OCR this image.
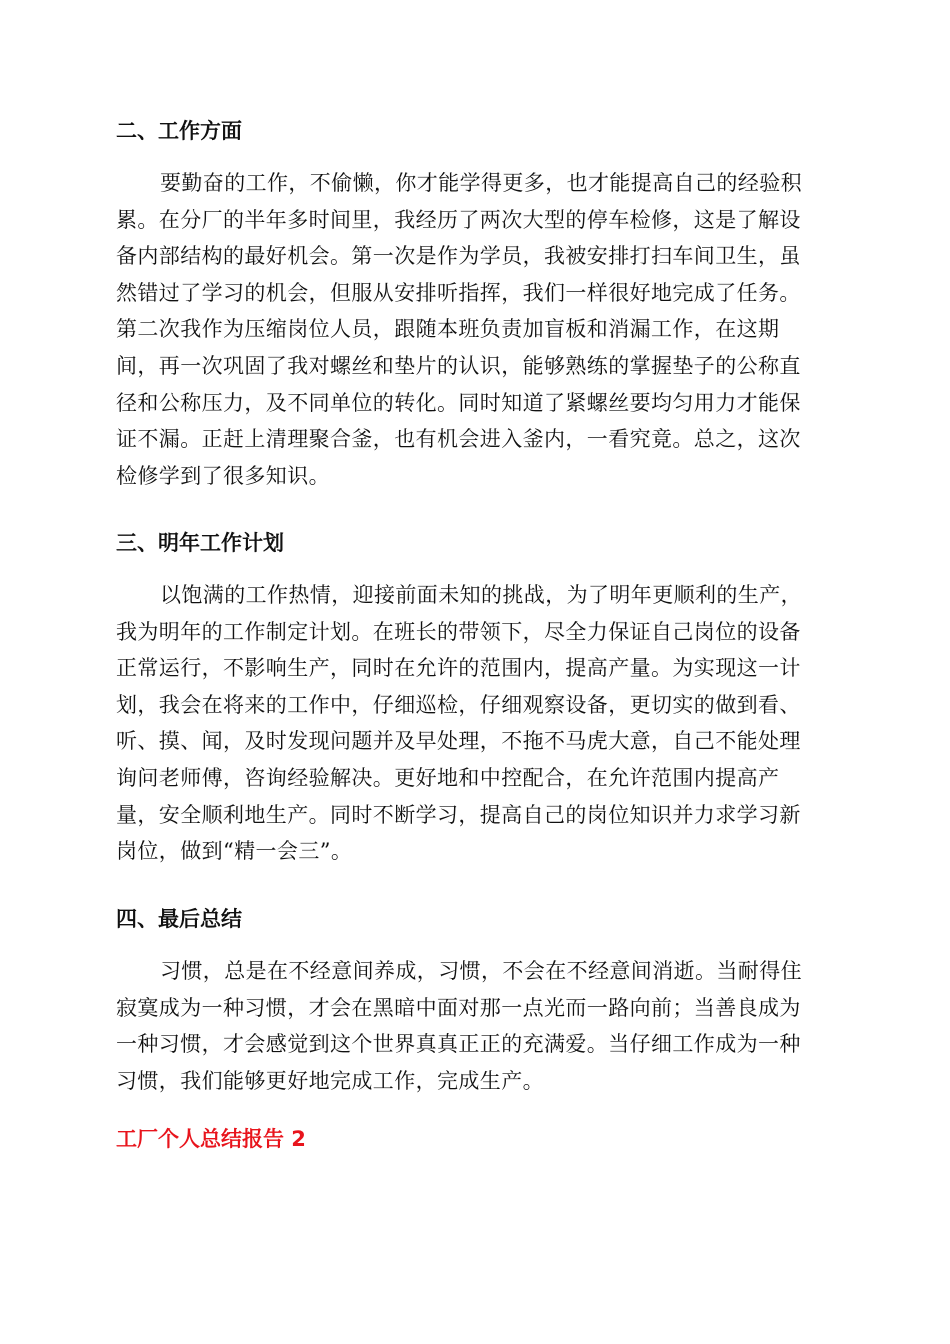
二、工作方面
要勤奋的工作，不偷懒，你才能学得更多，也才能提高自己的经验积
累。在分厂的半年多时间里，我经历了两次大型的停车检修，这是了解设
备内部结构的最好机会。第一次是作为学员，我被安排打扫车间卫生，虽
然错过了学习的机会，但服从安排听指挥，我们一样很好地完成了任务。
第二次我作为压缩岗位人员，跟随本班负责加盲板和消漏工作，在这期
间，再一次巩固了我对螺丝和垫片的认识，能够熟练的掌握垫子的公称直
径和公称压力，及不同单位的转化。同时知道了紧螺丝要均匀用力才能保
证不漏。正赶上清理聚合釜，也有机会进入釜内，一看究竟。总之，这次
检修学到了很多知识。
三、明年工作计划
以饱满的工作热情，迎接前面未知的挑战，为了明年更顺利的生产，
我为明年的工作制定计划。在班长的带领下，尽全力保证自己岗位的设备
正常运行，不影响生产，同时在允许的范围内，提高产量。为实现这一计
划，我会在将来的工作中，仔细巡检，仔细观察设备，更切实的做到看、
听、摸、闻，及时发现问题并及早处理，不拖不马虎大意，自己不能处理
询问老师傅，咨询经验解决。更好地和中控配合，在允许范围内提高产
量，安全顺利地生产。同时不断学习，提高自己的岗位知识并力求学习新
岗位，做到“精一会三”。
四、最后总结
习惯，总是在不经意间养成，习惯，不会在不经意间消逝。当耐得住
寂寞成为一种习惯，才会在黑暗中面对那一点光而一路向前；当善良成为
一种习惯，才会感觉到这个世界真真正正的充满爱。当仔细工作成为一种
习惯，我们能够更好地完成工作，完成生产。
工厂个人总结报告 2
